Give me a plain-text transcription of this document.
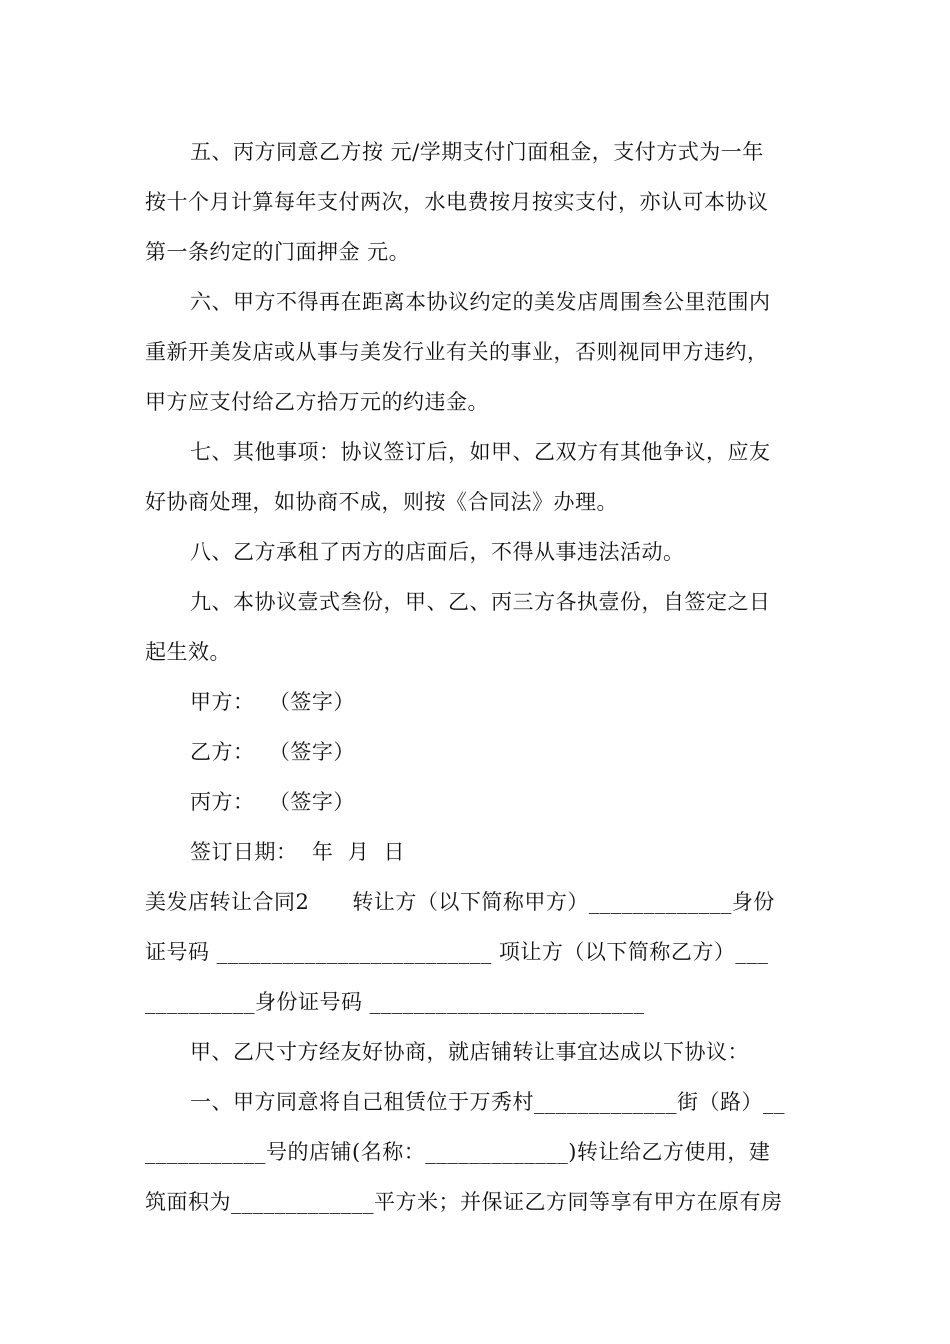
五、丙方同意乙方按 元/学期支付门面租金，支付方式为一年
按十个月计算每年支付两次，水电费按月按实支付，亦认可本协议
第一条约定的门面押金 元。
六、甲方不得再在距离本协议约定的美发店周围叁公里范围内
重新开美发店或从事与美发行业有关的事业，否则视同甲方违约，
甲方应支付给乙方拾万元的约违金。
七、其他事项：协议签订后，如甲、乙双方有其他争议，应友
好协商处理，如协商不成，则按《合同法》办理。
八、乙方承租了丙方的店面后，不得从事违法活动。
九、本协议壹式叁份，甲、乙、丙三方各执壹份，自签定之日
起生效。
甲方：  （签字）
乙方：  （签字）
丙方：  （签字）
签订日期：  年  月  日
美发店转让合同2      转让方（以下简称甲方）_____________身份
证号码 _________________________ 项让方（以下简称乙方）___
__________身份证号码 _________________________
甲、乙尺寸方经友好协商，就店铺转让事宜达成以下协议：
一、甲方同意将自己租赁位于万秀村_____________街（路）__
___________号的店铺(名称：_____________)转让给乙方使用，建
筑面积为_____________平方米；并保证乙方同等享有甲方在原有房
